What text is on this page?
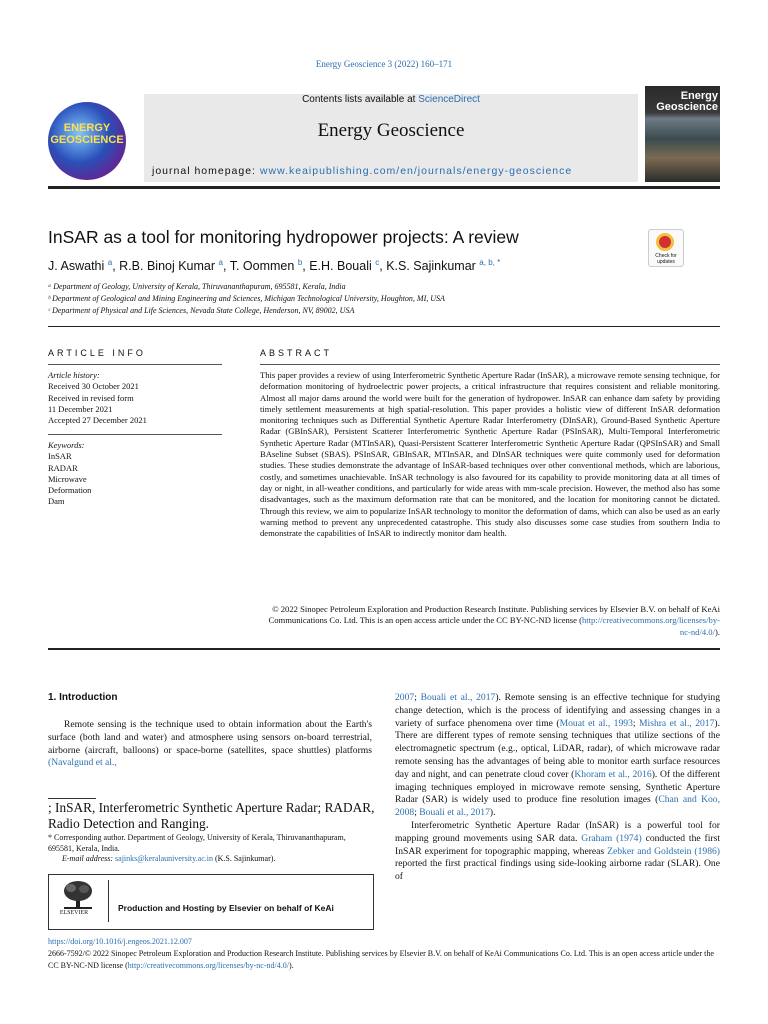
Energy Geoscience 3 (2022) 160–171
ENERGY GEOSCIENCE
Contents lists available at ScienceDirect
Energy Geoscience
journal homepage: www.keaipublishing.com/en/journals/energy-geoscience
Energy
Geoscience
InSAR as a tool for monitoring hydropower projects: A review
Check for updates
J. Aswathi $^a$, R.B. Binoj Kumar $^a$, T. Oommen $^b$, E.H. Bouali $^c$, K.S. Sajinkumar $^{a, b, *}$
ᵃ Department of Geology, University of Kerala, Thiruvananthapuram, 695581, Kerala, India
ᵇ Department of Geological and Mining Engineering and Sciences, Michigan Technological University, Houghton, MI, USA
ᶜ Department of Physical and Life Sciences, Nevada State College, Henderson, NV, 89002, USA
ARTICLE INFO
Article history:
Received 30 October 2021
Received in revised form
11 December 2021
Accepted 27 December 2021
Keywords:
InSAR
RADAR
Microwave
Deformation
Dam
ABSTRACT
This paper provides a review of using Interferometric Synthetic Aperture Radar (InSAR), a microwave remote sensing technique, for deformation monitoring of hydroelectric power projects, a critical infrastructure that requires consistent and reliable monitoring. Almost all major dams around the world were built for the generation of hydropower. InSAR can enhance dam safety by providing timely settlement measurements at high spatial-resolution. This paper provides a holistic view of different InSAR deformation monitoring techniques such as Differential Synthetic Aperture Radar Interferometry (DInSAR), Ground-Based Synthetic Aperture Radar (GBInSAR), Persistent Scatterer Interferometric Synthetic Aperture Radar (PSInSAR), Multi-Temporal Interferometric Synthetic Aperture Radar (MTInSAR), Quasi-Persistent Scatterer Interferometric Synthetic Aperture Radar (QPSInSAR) and Small BAseline Subset (SBAS). PSInSAR, GBInSAR, MTInSAR, and DInSAR techniques were quite commonly used for deformation studies. These studies demonstrate the advantage of InSAR-based techniques over other conventional methods, which are laborious, costly, and sometimes unachievable. InSAR technology is also favoured for its capability to provide monitoring data at all times of day or night, in all-weather conditions, and particularly for wide areas with mm-scale precision. However, the method also has some disadvantages, such as the maximum deformation rate that can be monitored, and the location for monitoring cannot be dictated. Through this review, we aim to popularize InSAR technology to monitor the deformation of dams, which can also be used as an early warning method to prevent any unprecedented catastrophe. This study also discusses some case studies from southern India to demonstrate the capabilities of InSAR to indirectly monitor dam health.
© 2022 Sinopec Petroleum Exploration and Production Research Institute. Publishing services by Elsevier B.V. on behalf of KeAi Communications Co. Ltd. This is an open access article under the CC BY-NC-ND license (http://creativecommons.org/licenses/by-nc-nd/4.0/).
1. Introduction
Remote sensing is the technique used to obtain information about the Earth's surface (both land and water) and atmosphere using sensors on-board terrestrial, airborne (aircraft, balloons) or space-borne (satellites, space shuttles) platforms (Navalgund et al.,
; InSAR, Interferometric Synthetic Aperture Radar; RADAR, Radio Detection and Ranging.
* Corresponding author. Department of Geology, University of Kerala, Thiruvananthapuram, 695581, Kerala, India.
E-mail address: sajinks@keralauniversity.ac.in (K.S. Sajinkumar).
ELSEVIER	Production and Hosting by Elsevier on behalf of KeAi

2007; Bouali et al., 2017). Remote sensing is an effective technique for studying change detection, which is the process of identifying and assessing changes in a variety of surface phenomena over time (Mouat et al., 1993; Mishra et al., 2017). There are different types of remote sensing techniques that utilize sections of the electromagnetic spectrum (e.g., optical, LiDAR, radar), of which microwave radar remote sensing has the advantages of being able to monitor earth surface resources day and night, and can penetrate cloud cover (Khoram et al., 2016). Of the different imaging techniques employed in microwave remote sensing, Synthetic Aperture Radar (SAR) is widely used to produce fine resolution images (Chan and Koo, 2008; Bouali et al., 2017).

Interferometric Synthetic Aperture Radar (InSAR) is a powerful tool for mapping ground movements using SAR data. Graham (1974) conducted the first InSAR experiment for topographic mapping, whereas Zebker and Goldstein (1986) reported the first practical findings using side-looking airborne radar (SLAR). One of

https://doi.org/10.1016/j.engeos.2021.12.007
2666-7592/© 2022 Sinopec Petroleum Exploration and Production Research Institute. Publishing services by Elsevier B.V. on behalf of KeAi Communications Co. Ltd. This is an open access article under the CC BY-NC-ND license (http://creativecommons.org/licenses/by-nc-nd/4.0/).
